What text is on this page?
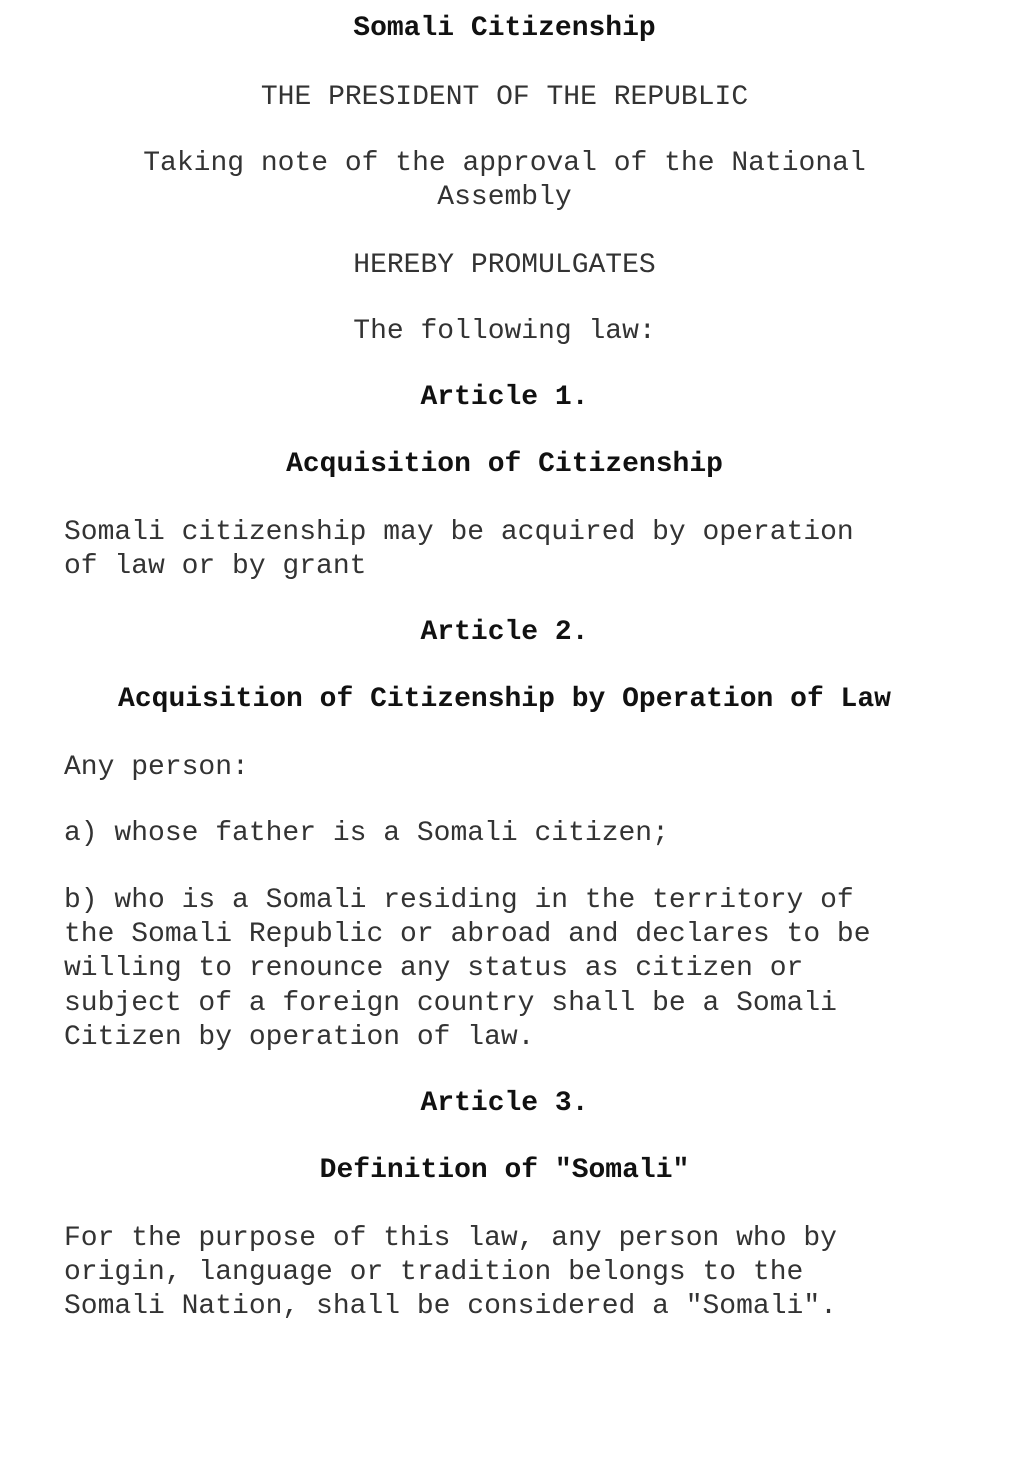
Somali Citizenship
THE PRESIDENT OF THE REPUBLIC
Taking note of the approval of the National
Assembly
HEREBY PROMULGATES
The following law:
Article 1.
Acquisition of Citizenship
Somali citizenship may be acquired by operation
of law or by grant
Article 2.
Acquisition of Citizenship by Operation of Law
Any person:
a) whose father is a Somali citizen;
b) who is a Somali residing in the territory of
the Somali Republic or abroad and declares to be
willing to renounce any status as citizen or
subject of a foreign country shall be a Somali
Citizen by operation of law.
Article 3.
Definition of "Somali"
For the purpose of this law, any person who by
origin, language or tradition belongs to the
Somali Nation, shall be considered a "Somali".
